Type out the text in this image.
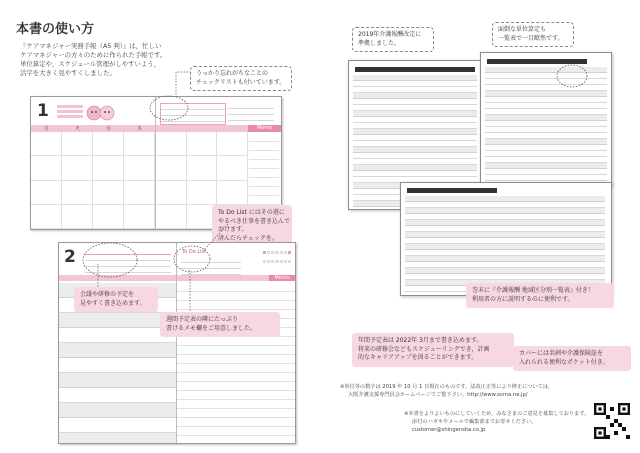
本書の使い方
『ケアマネジャー実務手帳（A5 判）』は，忙しい
ケアマネジャーの方々のために作られた手帳です。
単位算定や，スケジュール管理がしやすいよう，
活字を大きく見やすくしました。
1
月	火	水	木	Memo
うっかり忘れがちなことの
チェックリストも付いています。
To Do List にはその週に
やるべき仕事を書き込んで
おけます。
済んだらチェックを。
2	To Do List
Memo
会議や研修の予定を
見やすく書き込めます。
週間予定表の隣にたっぷり
書けるメモ欄をご用意しました。
2019年介護報酬改定に
準拠しました。
面倒な単位算定も
一覧表で一目瞭然です。
巻末に『介護報酬 地域区分別一覧表』付き！
利用者の方に説明するのに便利です。
年間予定表は 2022年 3月まで書き込めます。
将来の研修会などもスケジューリングでき，計画
的なキャリアアップを図ることができます。
カバーには名刺や介護保険証を
入れられる便利なポケット付き。
※単位等の数字は 2019 年 10 月 1 日現在のものです。法改正正等により修正については，
大阪介護支援専門員会ホームページでご覧下さい。http://www.ocma.ne.jp/
※本書をよりよいものにしていくため，みなさまのご意見を募集しております。
添付のハガキやメールで編集部までお寄せください。
customer@shingensha.co.jp
